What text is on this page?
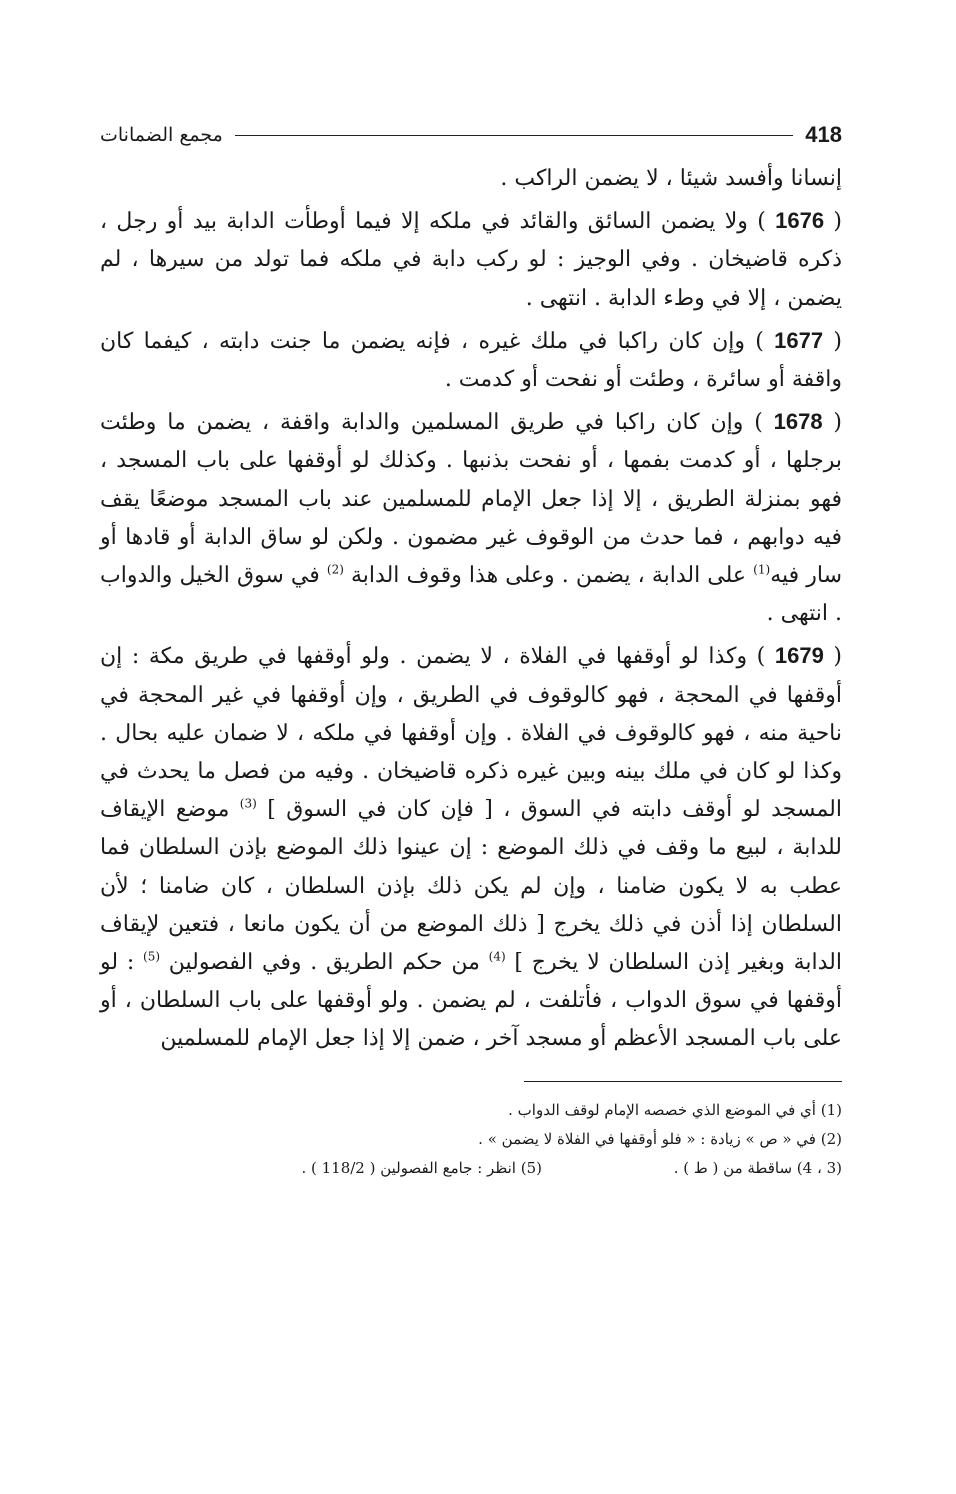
مجمع الضمانات	418

إنسانا وأفسد شيئا ، لا يضمن الراكب .

( 1676 ) ولا يضمن السائق والقائد في ملكه إلا فيما أوطأت الدابة بيد أو رجل ، ذكره قاضيخان . وفي الوجيز : لو ركب دابة في ملكه فما تولد من سيرها ، لم يضمن ، إلا في وطء الدابة . انتهى .

( 1677 ) وإن كان راكبا في ملك غيره ، فإنه يضمن ما جنت دابته ، كيفما كان واقفة أو سائرة ، وطئت أو نفحت أو كدمت .

( 1678 ) وإن كان راكبا في طريق المسلمين والدابة واقفة ، يضمن ما وطئت برجلها ، أو كدمت بفمها ، أو نفحت بذنبها . وكذلك لو أوقفها على باب المسجد ، فهو بمنزلة الطريق ، إلا إذا جعل الإمام للمسلمين عند باب المسجد موضعًا يقف فيه دوابهم ، فما حدث من الوقوف غير مضمون . ولكن لو ساق الدابة أو قادها أو سار فيه$^{(1)}$ على الدابة ، يضمن . وعلى هذا وقوف الدابة $^{(2)}$ في سوق الخيل والدواب . انتهى .

( 1679 ) وكذا لو أوقفها في الفلاة ، لا يضمن . ولو أوقفها في طريق مكة : إن أوقفها في المحجة ، فهو كالوقوف في الطريق ، وإن أوقفها في غير المحجة في ناحية منه ، فهو كالوقوف في الفلاة . وإن أوقفها في ملكه ، لا ضمان عليه بحال . وكذا لو كان في ملك بينه وبين غيره ذكره قاضيخان . وفيه من فصل ما يحدث في المسجد لو أوقف دابته في السوق ، [ فإن كان في السوق ] $^{(3)}$ موضع الإيقاف للدابة ، لبيع ما وقف في ذلك الموضع : إن عينوا ذلك الموضع بإذن السلطان فما عطب به لا يكون ضامنا ، وإن لم يكن ذلك بإذن السلطان ، كان ضامنا ؛ لأن السلطان إذا أذن في ذلك يخرج [ ذلك الموضع من أن يكون مانعا ، فتعين لإيقاف الدابة وبغير إذن السلطان لا يخرج ] $^{(4)}$ من حكم الطريق . وفي الفصولين $^{(5)}$ : لو أوقفها في سوق الدواب ، فأتلفت ، لم يضمن . ولو أوقفها على باب السلطان ، أو على باب المسجد الأعظم أو مسجد آخر ، ضمن إلا إذا جعل الإمام للمسلمين

(1) أي في الموضع الذي خصصه الإمام لوقف الدواب .
(2) في « ص » زيادة : « فلو أوقفها في الفلاة لا يضمن » .
(3 ، 4) ساقطة من ( ط ) .
(5) انظر : جامع الفصولين ( 118/2 ) .
